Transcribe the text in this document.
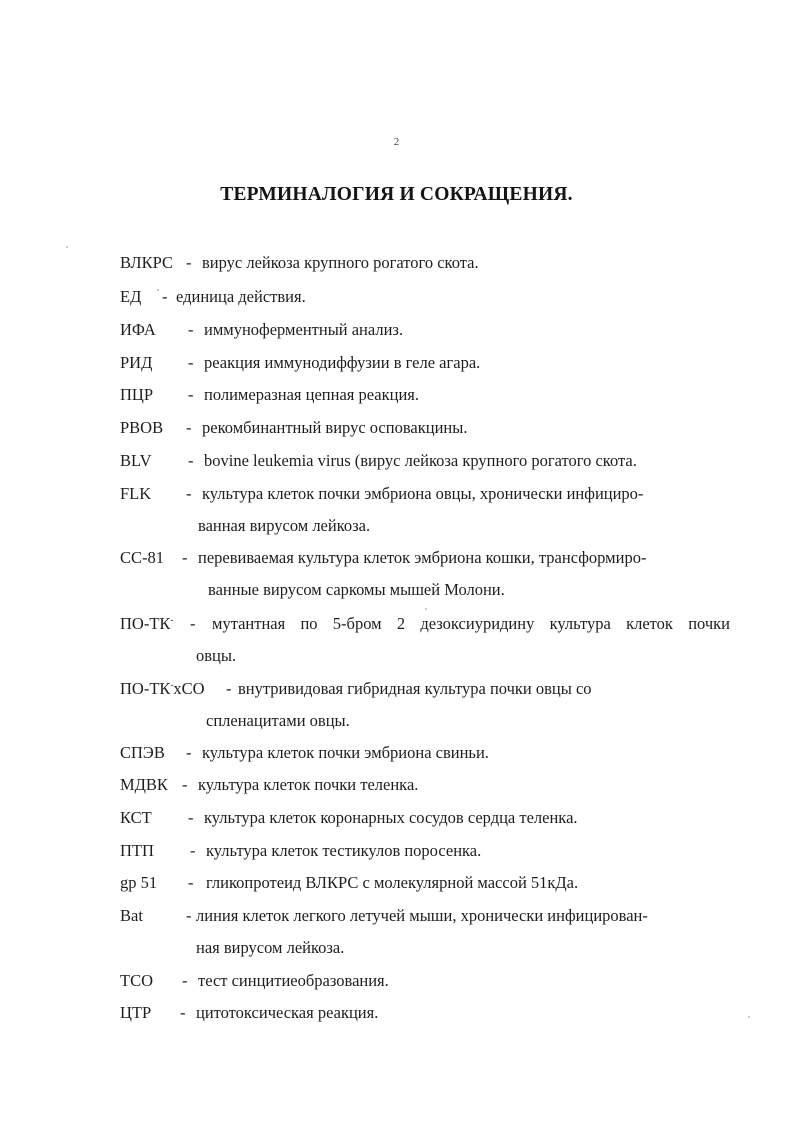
2
ТЕРМИНАЛОГИЯ И СОКРАЩЕНИЯ.
ВЛКРС - вирус лейкоза крупного рогатого скота.
ЕД - единица действия.
ИФА - иммуноферментный анализ.
РИД - реакция иммунодиффузии в геле агара.
ПЦР - полимеразная цепная реакция.
РВОВ - рекомбинантный вирус осповакцины.
BLV - bovine leukemia virus (вирус лейкоза крупного рогатого скота.
FLK - культура клеток почки эмбриона овцы, хронически инфициро-
ванная вирусом лейкоза.
CC-81 - перевиваемая культура клеток эмбриона кошки, трансформиро-
ванные вирусом саркомы мышей Молони.
ПО-ТК- - мутантная по 5-бром 2 дезоксиуридину культура клеток почки
овцы.
ПО-ТК-хСО - внутривидовая гибридная культура почки овцы со
спленацитами овцы.
СПЭВ - культура клеток почки эмбриона свиньи.
МДВК - культура клеток почки теленка.
КСТ - культура клеток коронарных сосудов сердца теленка.
ПТП - культура клеток тестикулов поросенка.
gp 51 - гликопротеид ВЛКРС с молекулярной массой 51кДа.
Bat	- линия клеток легкого летучей мыши, хронически инфицирован-
ная вирусом лейкоза.
ТСО - тест синцитиеобразования.
ЦТР - цитотоксическая реакция.
